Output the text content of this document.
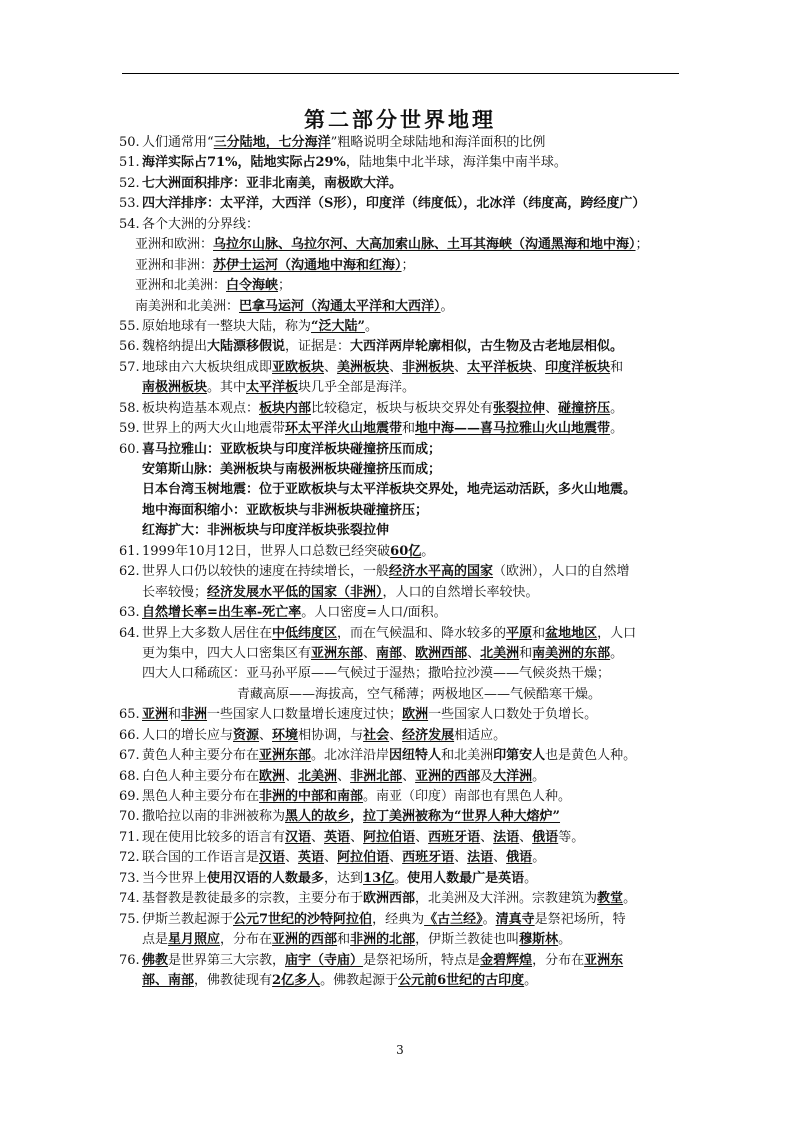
第二部分世界地理
50. 人们通常用“三分陆地，七分海洋”粗略说明全球陆地和海洋面积的比例
51. 海洋实际占71%，陆地实际占29%，陆地集中北半球，海洋集中南半球。
52. 七大洲面积排序：亚非北南美，南极欧大洋。
53. 四大洋排序：太平洋，大西洋（S形），印度洋（纬度低），北冰洋（纬度高，跨经度广）
54. 各个大洲的分界线：
亚洲和欧洲：乌拉尔山脉、乌拉尔河、大高加索山脉、土耳其海峡（沟通黑海和地中海）；
亚洲和非洲：苏伊士运河（沟通地中海和红海）；
亚洲和北美洲：白令海峡；
南美洲和北美洲：巴拿马运河（沟通太平洋和大西洋）。
55. 原始地球有一整块大陆，称为“泛大陆”。
56. 魏格纳提出大陆漂移假说，证据是：大西洋两岸轮廓相似，古生物及古老地层相似。
57. 地球由六大板块组成即亚欧板块、美洲板块、非洲板块、太平洋板块、印度洋板块和
南极洲板块。其中太平洋板块几乎全部是海洋。
58. 板块构造基本观点：板块内部比较稳定，板块与板块交界处有张裂拉伸、碰撞挤压。
59. 世界上的两大火山地震带环太平洋火山地震带和地中海——喜马拉雅山火山地震带。
60. 喜马拉雅山：亚欧板块与印度洋板块碰撞挤压而成；
安第斯山脉：美洲板块与南极洲板块碰撞挤压而成；
日本台湾玉树地震：位于亚欧板块与太平洋板块交界处，地壳运动活跃，多火山地震。
地中海面积缩小：亚欧板块与非洲板块碰撞挤压；
红海扩大：非洲板块与印度洋板块张裂拉伸
61. 1999年10月12日，世界人口总数已经突破60亿。
62. 世界人口仍以较快的速度在持续增长，一般经济水平高的国家（欧洲），人口的自然增
长率较慢；经济发展水平低的国家（非洲），人口的自然增长率较快。
63. 自然增长率=出生率-死亡率。人口密度=人口/面积。
64. 世界上大多数人居住在中低纬度区，而在气候温和、降水较多的平原和盆地地区，人口
更为集中，四大人口密集区有亚洲东部、南部、欧洲西部、北美洲和南美洲的东部。
四大人口稀疏区：亚马孙平原——气候过于湿热；撒哈拉沙漠——气候炎热干燥；
青藏高原——海拔高，空气稀薄；两极地区——气候酷寒干燥。
65. 亚洲和非洲一些国家人口数量增长速度过快；欧洲一些国家人口数处于负增长。
66. 人口的增长应与资源、环境相协调，与社会、经济发展相适应。
67. 黄色人种主要分布在亚洲东部。北冰洋沿岸因纽特人和北美洲印第安人也是黄色人种。
68. 白色人种主要分布在欧洲、北美洲、非洲北部、亚洲的西部及大洋洲。
69. 黑色人种主要分布在非洲的中部和南部。南亚（印度）南部也有黑色人种。
70. 撒哈拉以南的非洲被称为黑人的故乡，拉丁美洲被称为“世界人种大熔炉”
71. 现在使用比较多的语言有汉语、英语、阿拉伯语、西班牙语、法语、俄语等。
72. 联合国的工作语言是汉语、英语、阿拉伯语、西班牙语、法语、俄语。
73. 当今世界上使用汉语的人数最多，达到13亿。使用人数最广是英语。
74. 基督教是教徒最多的宗教，主要分布于欧洲西部，北美洲及大洋洲。宗教建筑为教堂。
75. 伊斯兰教起源于公元7世纪的沙特阿拉伯，经典为《古兰经》。清真寺是祭祀场所，特
点是星月照应，分布在亚洲的西部和非洲的北部，伊斯兰教徒也叫穆斯林。
76. 佛教是世界第三大宗教，庙宇（寺庙）是祭祀场所，特点是金碧辉煌，分布在亚洲东
部、南部，佛教徒现有2亿多人。佛教起源于公元前6世纪的古印度。
3
